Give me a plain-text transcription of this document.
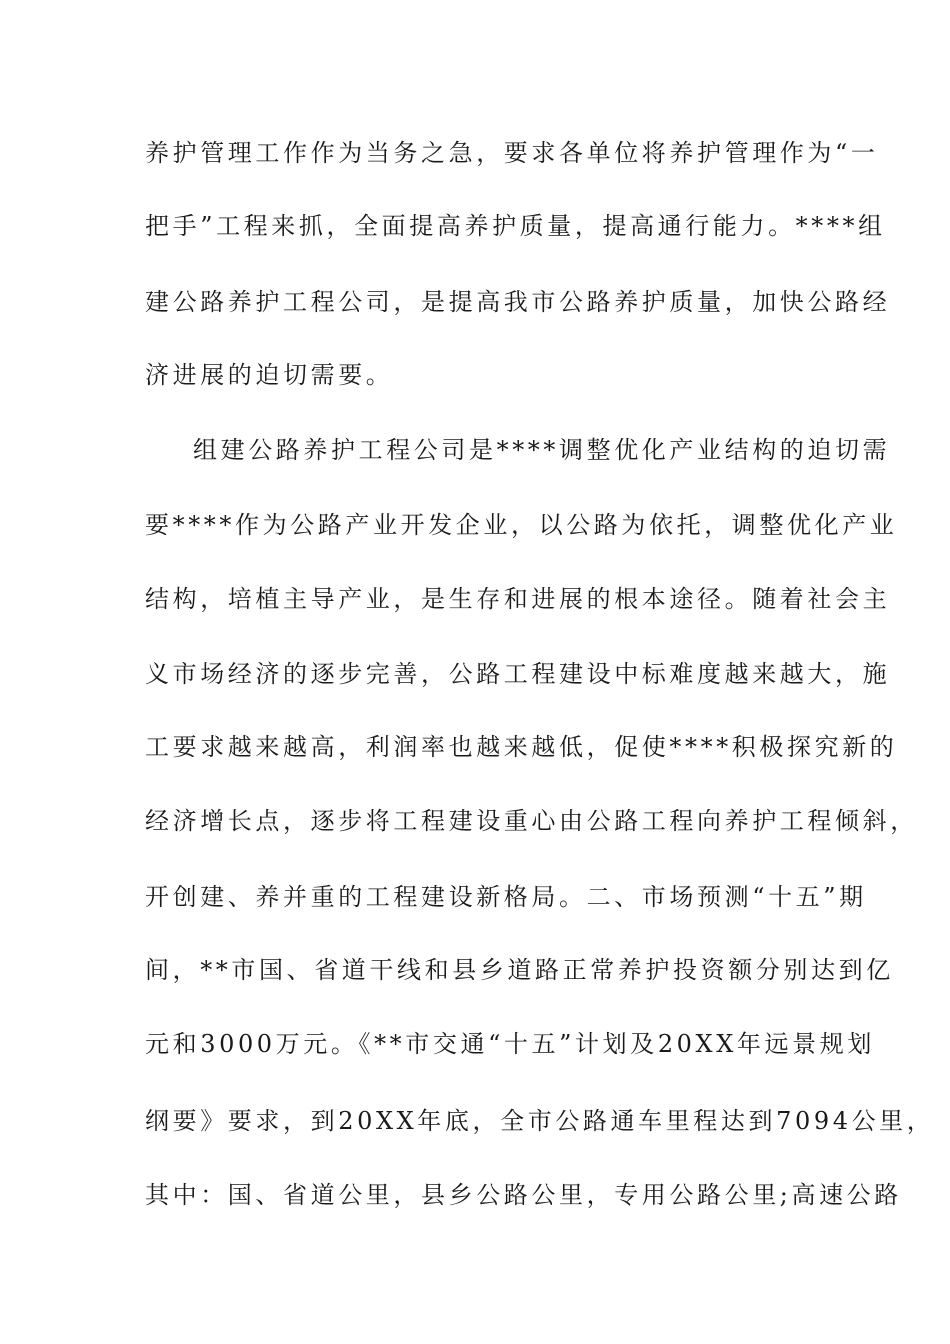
养护管理工作作为当务之急，要求各单位将养护管理作为“一
把手”工程来抓，全面提高养护质量，提高通行能力。****组
建公路养护工程公司，是提高我市公路养护质量，加快公路经
济进展的迫切需要。
组建公路养护工程公司是****调整优化产业结构的迫切需
要****作为公路产业开发企业，以公路为依托，调整优化产业
结构，培植主导产业，是生存和进展的根本途径。随着社会主
义市场经济的逐步完善，公路工程建设中标难度越来越大，施
工要求越来越高，利润率也越来越低，促使****积极探究新的
经济增长点，逐步将工程建设重心由公路工程向养护工程倾斜，
开创建、养并重的工程建设新格局。二、市场预测“十五”期
间，**市国、省道干线和县乡道路正常养护投资额分别达到亿
元和3000万元。《**市交通“十五”计划及20XX年远景规划
纲要》要求，到20XX年底，全市公路通车里程达到7094公里，
其中：国、省道公里，县乡公路公里，专用公路公里;高速公路
